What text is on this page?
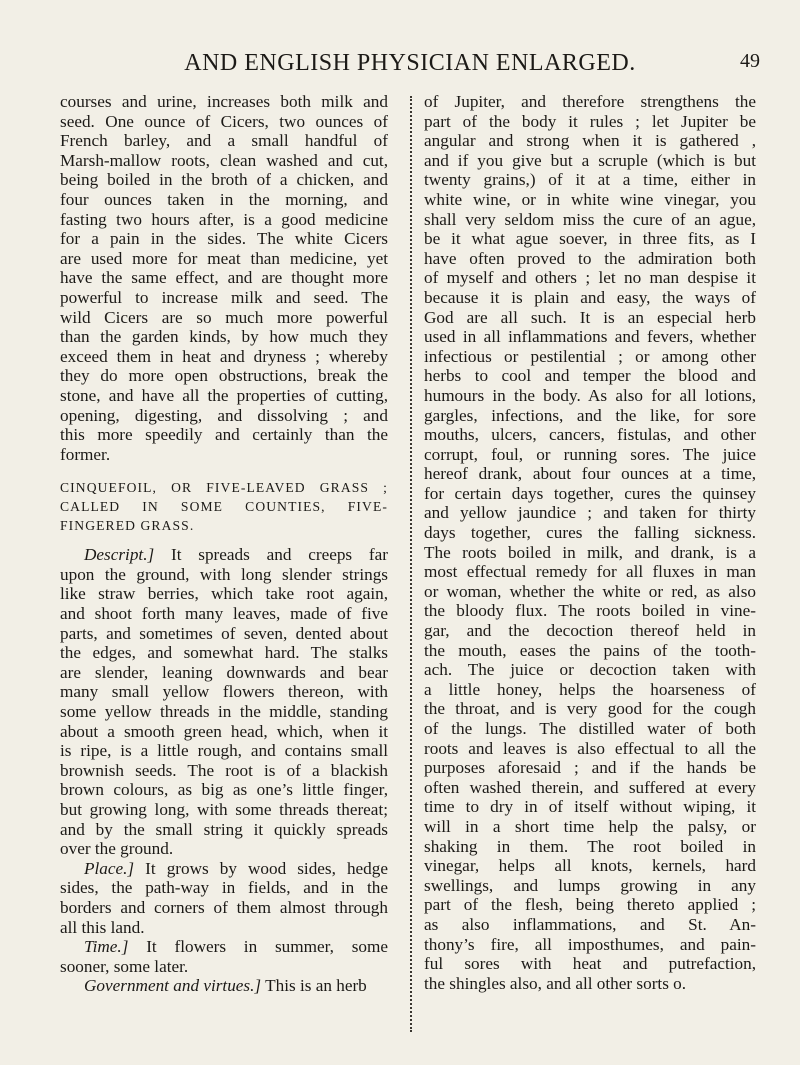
AND ENGLISH PHYSICIAN ENLARGED.	49
courses and urine, increases both milk and
seed. One ounce of Cicers, two ounces of
French barley, and a small handful of
Marsh-mallow roots, clean washed and cut,
being boiled in the broth of a chicken, and
four ounces taken in the morning, and
fasting two hours after, is a good medicine
for a pain in the sides. The white Cicers
are used more for meat than medicine, yet
have the same effect, and are thought more
powerful to increase milk and seed. The
wild Cicers are so much more powerful
than the garden kinds, by how much they
exceed them in heat and dryness ; whereby
they do more open obstructions, break the
stone, and have all the properties of cutting,
opening, digesting, and dissolving ; and
this more speedily and certainly than the
former.
CINQUEFOIL, OR FIVE-LEAVED GRASS ;
CALLED IN SOME COUNTIES, FIVE-
FINGERED GRASS.
Descript.] It spreads and creeps far
upon the ground, with long slender strings
like straw berries, which take root again,
and shoot forth many leaves, made of five
parts, and sometimes of seven, dented about
the edges, and somewhat hard. The stalks
are slender, leaning downwards and bear
many small yellow flowers thereon, with
some yellow threads in the middle, standing
about a smooth green head, which, when it
is ripe, is a little rough, and contains small
brownish seeds. The root is of a blackish
brown colours, as big as one’s little finger,
but growing long, with some threads thereat;
and by the small string it quickly spreads
over the ground.
Place.] It grows by wood sides, hedge
sides, the path-way in fields, and in the
borders and corners of them almost through
all this land.
Time.] It flowers in summer, some
sooner, some later.
Government and virtues.] This is an herb
of Jupiter, and therefore strengthens the
part of the body it rules ; let Jupiter be
angular and strong when it is gathered ,
and if you give but a scruple (which is but
twenty grains,) of it at a time, either in
white wine, or in white wine vinegar, you
shall very seldom miss the cure of an ague,
be it what ague soever, in three fits, as I
have often proved to the admiration both
of myself and others ; let no man despise it
because it is plain and easy, the ways of
God are all such. It is an especial herb
used in all inflammations and fevers, whether
infectious or pestilential ; or among other
herbs to cool and temper the blood and
humours in the body. As also for all lotions,
gargles, infections, and the like, for sore
mouths, ulcers, cancers, fistulas, and other
corrupt, foul, or running sores. The juice
hereof drank, about four ounces at a time,
for certain days together, cures the quinsey
and yellow jaundice ; and taken for thirty
days together, cures the falling sickness.
The roots boiled in milk, and drank, is a
most effectual remedy for all fluxes in man
or woman, whether the white or red, as also
the bloody flux. The roots boiled in vine-
gar, and the decoction thereof held in
the mouth, eases the pains of the tooth-
ach. The juice or decoction taken with
a little honey, helps the hoarseness of
the throat, and is very good for the cough
of the lungs. The distilled water of both
roots and leaves is also effectual to all the
purposes aforesaid ; and if the hands be
often washed therein, and suffered at every
time to dry in of itself without wiping, it
will in a short time help the palsy, or
shaking in them. The root boiled in
vinegar, helps all knots, kernels, hard
swellings, and lumps growing in any
part of the flesh, being thereto applied ;
as also inflammations, and St. An-
thony’s fire, all imposthumes, and pain-
ful sores with heat and putrefaction,
the shingles also, and all other sorts o.
